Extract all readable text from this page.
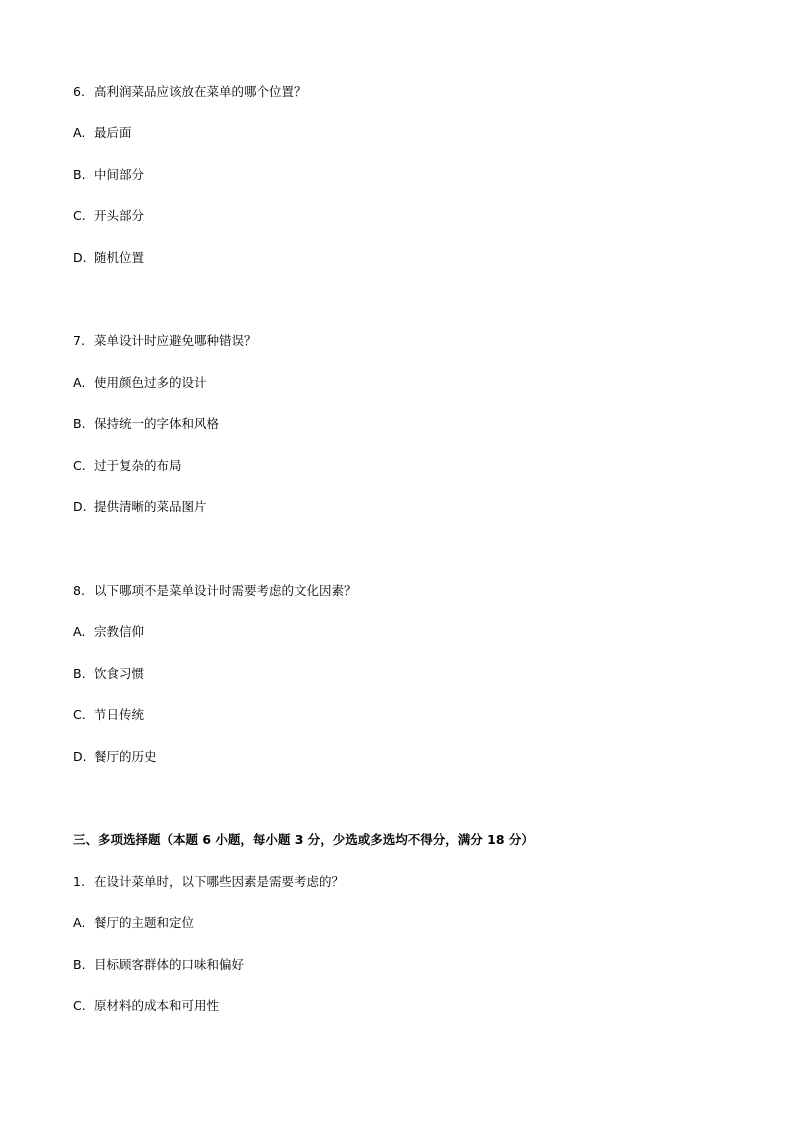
6. 高利润菜品应该放在菜单的哪个位置？
A. 最后面
B. 中间部分
C. 开头部分
D. 随机位置
7. 菜单设计时应避免哪种错误？
A. 使用颜色过多的设计
B. 保持统一的字体和风格
C. 过于复杂的布局
D. 提供清晰的菜品图片
8. 以下哪项不是菜单设计时需要考虑的文化因素？
A. 宗教信仰
B. 饮食习惯
C. 节日传统
D. 餐厅的历史
三、多项选择题（本题 6 小题，每小题 3 分，少选或多选均不得分，满分 18 分）
1. 在设计菜单时，以下哪些因素是需要考虑的？
A. 餐厅的主题和定位
B. 目标顾客群体的口味和偏好
C. 原材料的成本和可用性
